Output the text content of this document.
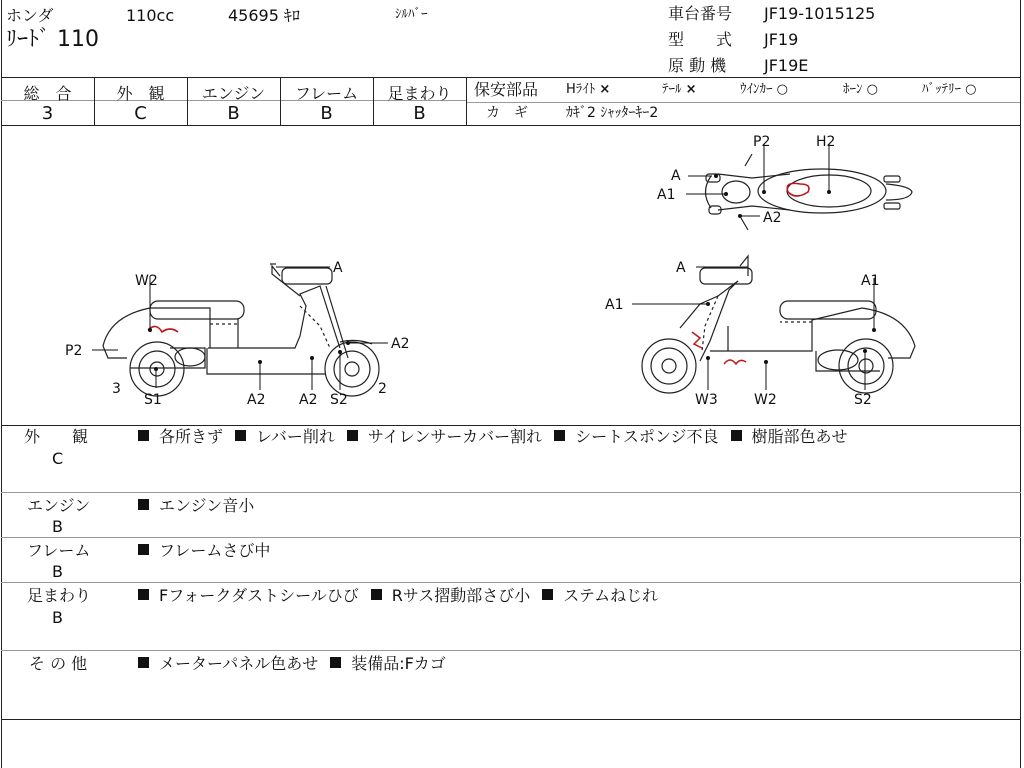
ホンダ	110cc	45695 ｷﾛ	ｼﾙﾊﾞｰ
ﾘｰﾄﾞ 110
車台番号 JF19-1015125
型　　式 JF19
原 動 機 JF19E
総　合	外　観	エンジン	フレーム	足まわり
3	C	B	B	B
保安部品 Hﾗｲﾄ ×	ﾃｰﾙ ×	ｳｲﾝｶｰ ○	ﾎｰﾝ ○	ﾊﾞｯﾃﾘｰ ○
カ　ギ	ｶｷﾞ2 ｼｬｯﾀｰｷｰ2
P2	H2
A
A1
A2
W2
A
P2	A2
3
S1	A2 A2 S2
2
A
A1
A1
W3	W2	S2
外　　観
C
各所きず レバー削れ サイレンサーカバー割れ シートスポンジ不良 樹脂部色あせ
エンジン
B
エンジン音小
フレーム
B
フレームさび中
足まわり
B
Fフォークダストシールひび Rサス摺動部さび小 ステムねじれ
そ の 他	メーターパネル色あせ 装備品:Fカゴ
